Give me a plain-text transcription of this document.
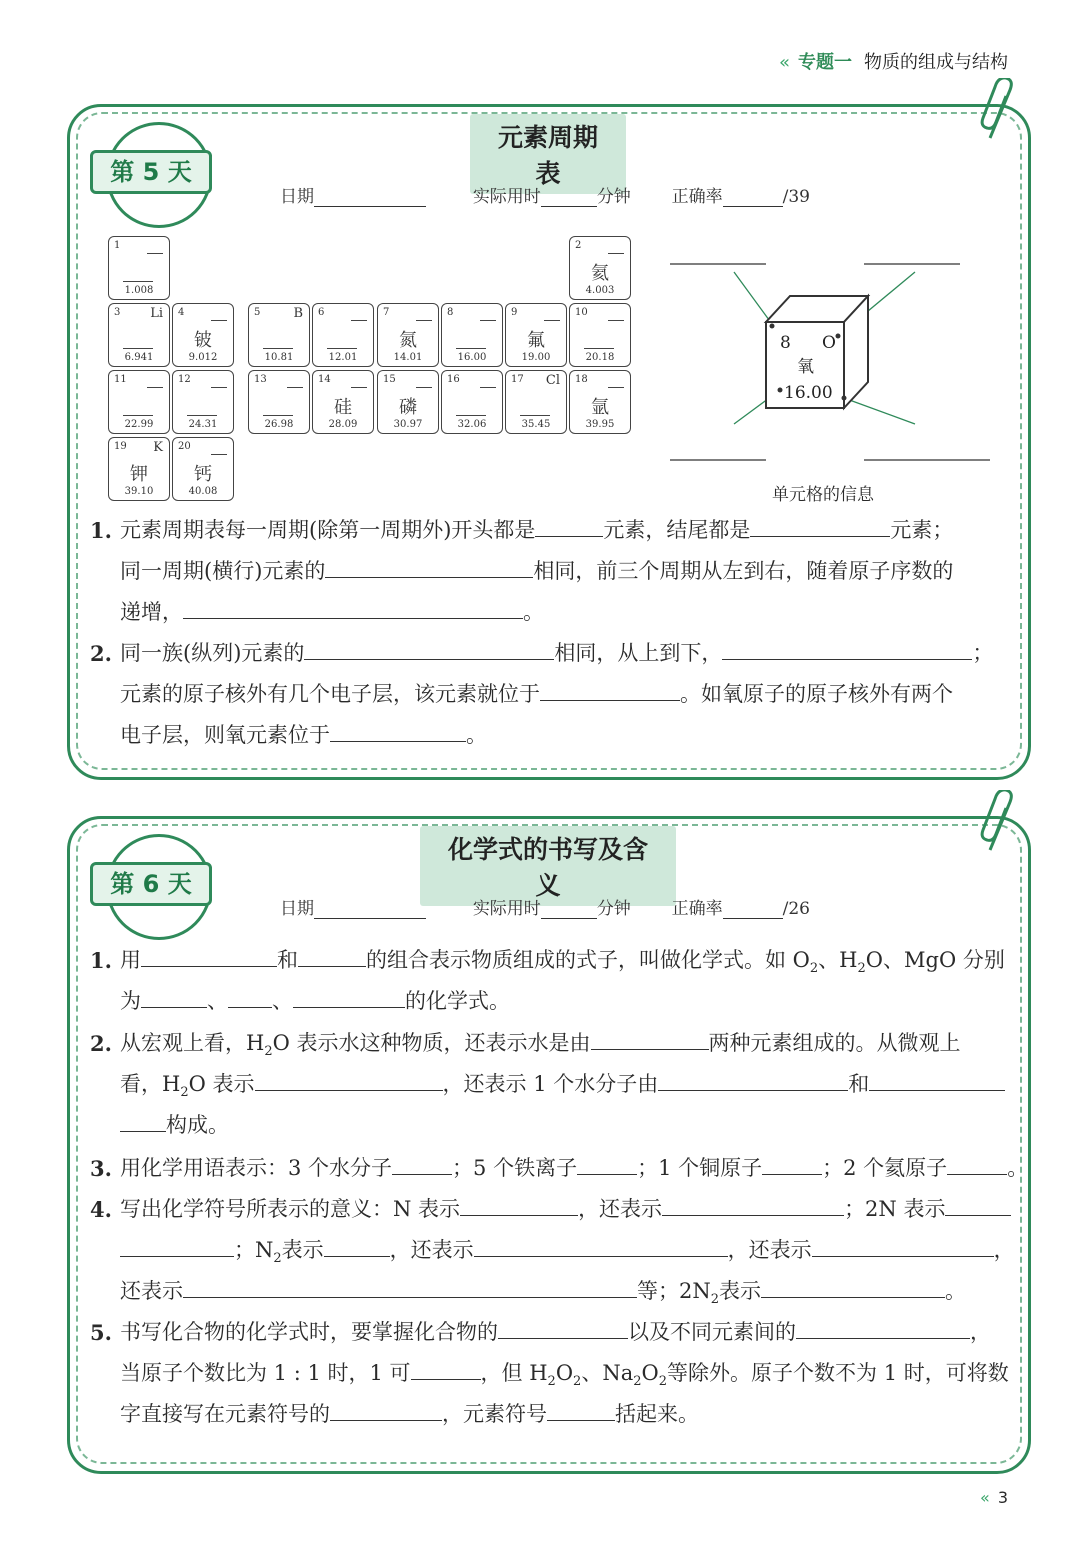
« 专题一 物质的组成与结构
元素周期表
第 5 天
日期	实际用时	分钟 正确率	/39
1
1.008
2
氦
4.003
3 Li
6.941
4
铍
9.012
5	B
10.81
6
12.01
7
氮
14.01
8
16.00
9
氟
19.00
10
20.18
11
22.99
12
24.31
13
26.98
14
硅
28.09
15
磷
30.97
16
32.06
17 Cl
35.45
18
氩
39.95
19 K
钾
39.10
20
钙
40.08
8 O
氧
16.00
单元格的信息
1. 元素周期表每一周期(除第一周期外)开头都是	元素，结尾都是	元素；
同一周期(横行)元素的	相同，前三个周期从左到右，随着原子序数的
递增，	。
2. 同一族(纵列)元素的	相同，从上到下，	；
元素的原子核外有几个电子层，该元素就位于	。如氧原子的原子核外有两个
电子层，则氧元素位于	。
化学式的书写及含义
第 6 天
日期	实际用时	分钟 正确率	/26
1. 用	和	的组合表示物质组成的式子，叫做化学式。如 $O_2$、$H_2O$、MgO 分别
为	、 、	的化学式。
2. 从宏观上看，$H_2O$ 表示水这种物质，还表示水是由	两种元素组成的。从微观上
看，$H_2O$ 表示	，还表示 1 个水分子由	和
构成。
3. 用化学用语表示：3 个水分子	；5 个铁离子	；1 个铜原子	；2 个氦原子	。
4. 写出化学符号所表示的意义：N 表示	，还表示	；2N 表示
；$N_2$表示	，还表示	，还表示	，
还表示	等；$2N_2$表示	。
5. 书写化合物的化学式时，要掌握化合物的	以及不同元素间的	，
当原子个数比为 1 : 1 时，1 可	，但 $H_2O_2$、$Na_2O_2$等除外。原子个数不为 1 时，可将数
字直接写在元素符号的	，元素符号	括起来。
« 3
